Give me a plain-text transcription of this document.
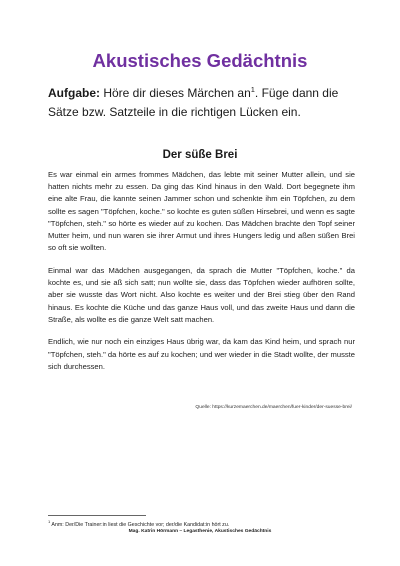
Akustisches Gedächtnis
Aufgabe: Höre dir dieses Märchen $an^1$. Füge dann die Sätze bzw. Satzteile in die richtigen Lücken ein.
Der süße Brei

Es war einmal ein armes frommes Mädchen, das lebte mit seiner Mutter allein, und sie hatten nichts mehr zu essen. Da ging das Kind hinaus in den Wald. Dort begegnete ihm eine alte Frau, die kannte seinen Jammer schon und schenkte ihm ein Töpfchen, zu dem sollte es sagen "Töpfchen, koche." so kochte es guten süßen Hirsebrei, und wenn es sagte "Töpfchen, steh." so hörte es wieder auf zu kochen. Das Mädchen brachte den Topf seiner Mutter heim, und nun waren sie ihrer Armut und ihres Hungers ledig und aßen süßen Brei so oft sie wollten.

Einmal war das Mädchen ausgegangen, da sprach die Mutter "Töpfchen, koche." da kochte es, und sie aß sich satt; nun wollte sie, dass das Töpfchen wieder aufhören sollte, aber sie wusste das Wort nicht. Also kochte es weiter und der Brei stieg über den Rand hinaus. Es kochte die Küche und das ganze Haus voll, und das zweite Haus und dann die Straße, als wollte es die ganze Welt satt machen.

Endlich, wie nur noch ein einziges Haus übrig war, da kam das Kind heim, und sprach nur "Töpfchen, steh." da hörte es auf zu kochen; und wer wieder in die Stadt wollte, der musste sich durchessen.

Quelle: https://kurzemaerchen.de/maerchen/fuer-kinder/der-suesse-brei/
$^1$ Anm: Der/Die Trainer:in liest die Geschichte vor; der/die Kandidat:in hört zu.
Mag. Katrin Hörmann – Legasthenie, Akustisches Gedächtnis
